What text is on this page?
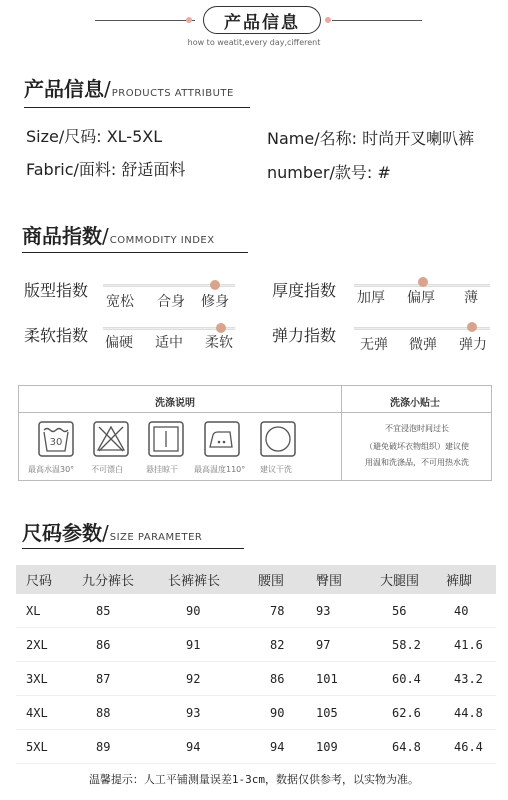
产品信息
how to weatit,every day,cifferent
产品信息 / PRODUCTS ATTRIBUTE
Size/尺码: XL-5XL	Name/名称: 时尚开叉喇叭裤
Fabric/面料: 舒适面料	number/款号: #
商品指数 / COMMODITY INDEX
版型指数
宽松 合身 修身
厚度指数 加厚 偏厚 薄
柔软指数 偏硬 适中 柔软 弹力指数 无弹 微弹 弹力
洗涤说明	洗涤小贴士
30
最高水温30° 不可漂白	悬挂晾干 最高温度110° 建议干洗
不宜浸泡时间过长
（避免破坏衣物组织）建议使
用温和洗涤品，不可用热水洗
尺码参数 / SIZE PARAMETER
尺码	九分裤长	长裤裤长	腰围	臀围	大腿围	裤脚
XL	85	90	78	93	56	40
2XL	86	91	82	97	58.2	41.6
3XL	87	92	86	101	60.4	43.2
4XL	88	93	90	105	62.6	44.8
5XL	89	94	94	109	64.8	46.4
温馨提示：人工平铺测量误差1-3cm，数据仅供参考，以实物为准。
